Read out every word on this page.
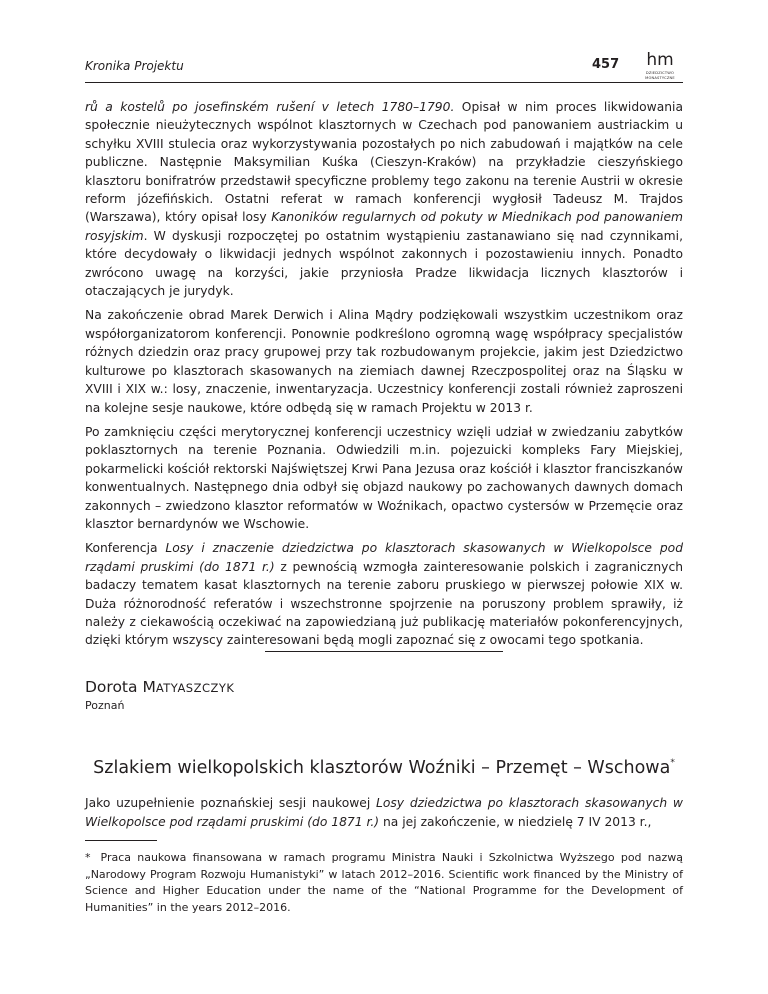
Kronika Projektu	457 hm
DZIEDZICTWO
MONASTYCZNE

rů a kostelů po josefinském rušení v letech 1780–1790. Opisał w nim proces likwidowania społecznie nieużytecznych wspólnot klasztornych w Czechach pod panowaniem austriackim u schyłku XVIII stulecia oraz wykorzystywania pozostałych po nich zabudowań i majątków na cele publiczne. Następnie Maksymilian Kuśka (Cieszyn-Kraków) na przykładzie cieszyńskiego klasztoru bonifratrów przedstawił specyficzne problemy tego zakonu na terenie Austrii w okresie reform józefińskich. Ostatni referat w ramach konferencji wygłosił Tadeusz M. Trajdos (Warszawa), który opisał losy Kanoników regularnych od pokuty w Miednikach pod panowaniem rosyjskim. W dyskusji rozpoczętej po ostatnim wystąpieniu zastanawiano się nad czynnikami, które decydowały o likwidacji jednych wspólnot zakonnych i pozostawieniu innych. Ponadto zwrócono uwagę na korzyści, jakie przyniosła Pradze likwidacja licznych klasztorów i otaczających je jurydyk.

Na zakończenie obrad Marek Derwich i Alina Mądry podziękowali wszystkim uczestnikom oraz współorganizatorom konferencji. Ponownie podkreślono ogromną wagę współpracy specjalistów różnych dziedzin oraz pracy grupowej przy tak rozbudowanym projekcie, jakim jest Dziedzictwo kulturowe po klasztorach skasowanych na ziemiach dawnej Rzeczpospolitej oraz na Śląsku w XVIII i XIX w.: losy, znaczenie, inwentaryzacja. Uczestnicy konferencji zostali również zaproszeni na kolejne sesje naukowe, które odbędą się w ramach Projektu w 2013 r.

Po zamknięciu części merytorycznej konferencji uczestnicy wzięli udział w zwiedzaniu zabytków poklasztornych na terenie Poznania. Odwiedzili m.in. pojezuicki kompleks Fary Miejskiej, pokarmelicki kościół rektorski Najświętszej Krwi Pana Jezusa oraz kościół i klasztor franciszkanów konwentualnych. Następnego dnia odbył się objazd naukowy po zachowanych dawnych domach zakonnych – zwiedzono klasztor reformatów w Woźnikach, opactwo cystersów w Przemęcie oraz klasztor bernardynów we Wschowie.

Konferencja Losy i znaczenie dziedzictwa po klasztorach skasowanych w Wielkopolsce pod rządami pruskimi (do 1871 r.) z pewnością wzmogła zainteresowanie polskich i zagranicznych badaczy tematem kasat klasztornych na terenie zaboru pruskiego w pierwszej połowie XIX w. Duża różnorodność referatów i wszechstronne spojrzenie na poruszony problem sprawiły, iż należy z ciekawością oczekiwać na zapowiedzianą już publikację materiałów pokonferencyjnych, dzięki którym wszyscy zainteresowani będą mogli zapoznać się z owocami tego spotkania.

Dorota MATYASZCZYK
Poznań
Szlakiem wielkopolskich klasztorów Woźniki – Przemęt – Wschowa*

Jako uzupełnienie poznańskiej sesji naukowej Losy dziedzictwa po klasztorach skasowanych w Wielkopolsce pod rządami pruskimi (do 1871 r.) na jej zakończenie, w niedzielę 7 IV 2013 r.,

* Praca naukowa finansowana w ramach programu Ministra Nauki i Szkolnictwa Wyższego pod nazwą „Narodowy Program Rozwoju Humanistyki” w latach 2012–2016. Scientific work financed by the Ministry of Science and Higher Education under the name of the “National Programme for the Development of Humanities” in the years 2012–2016.
